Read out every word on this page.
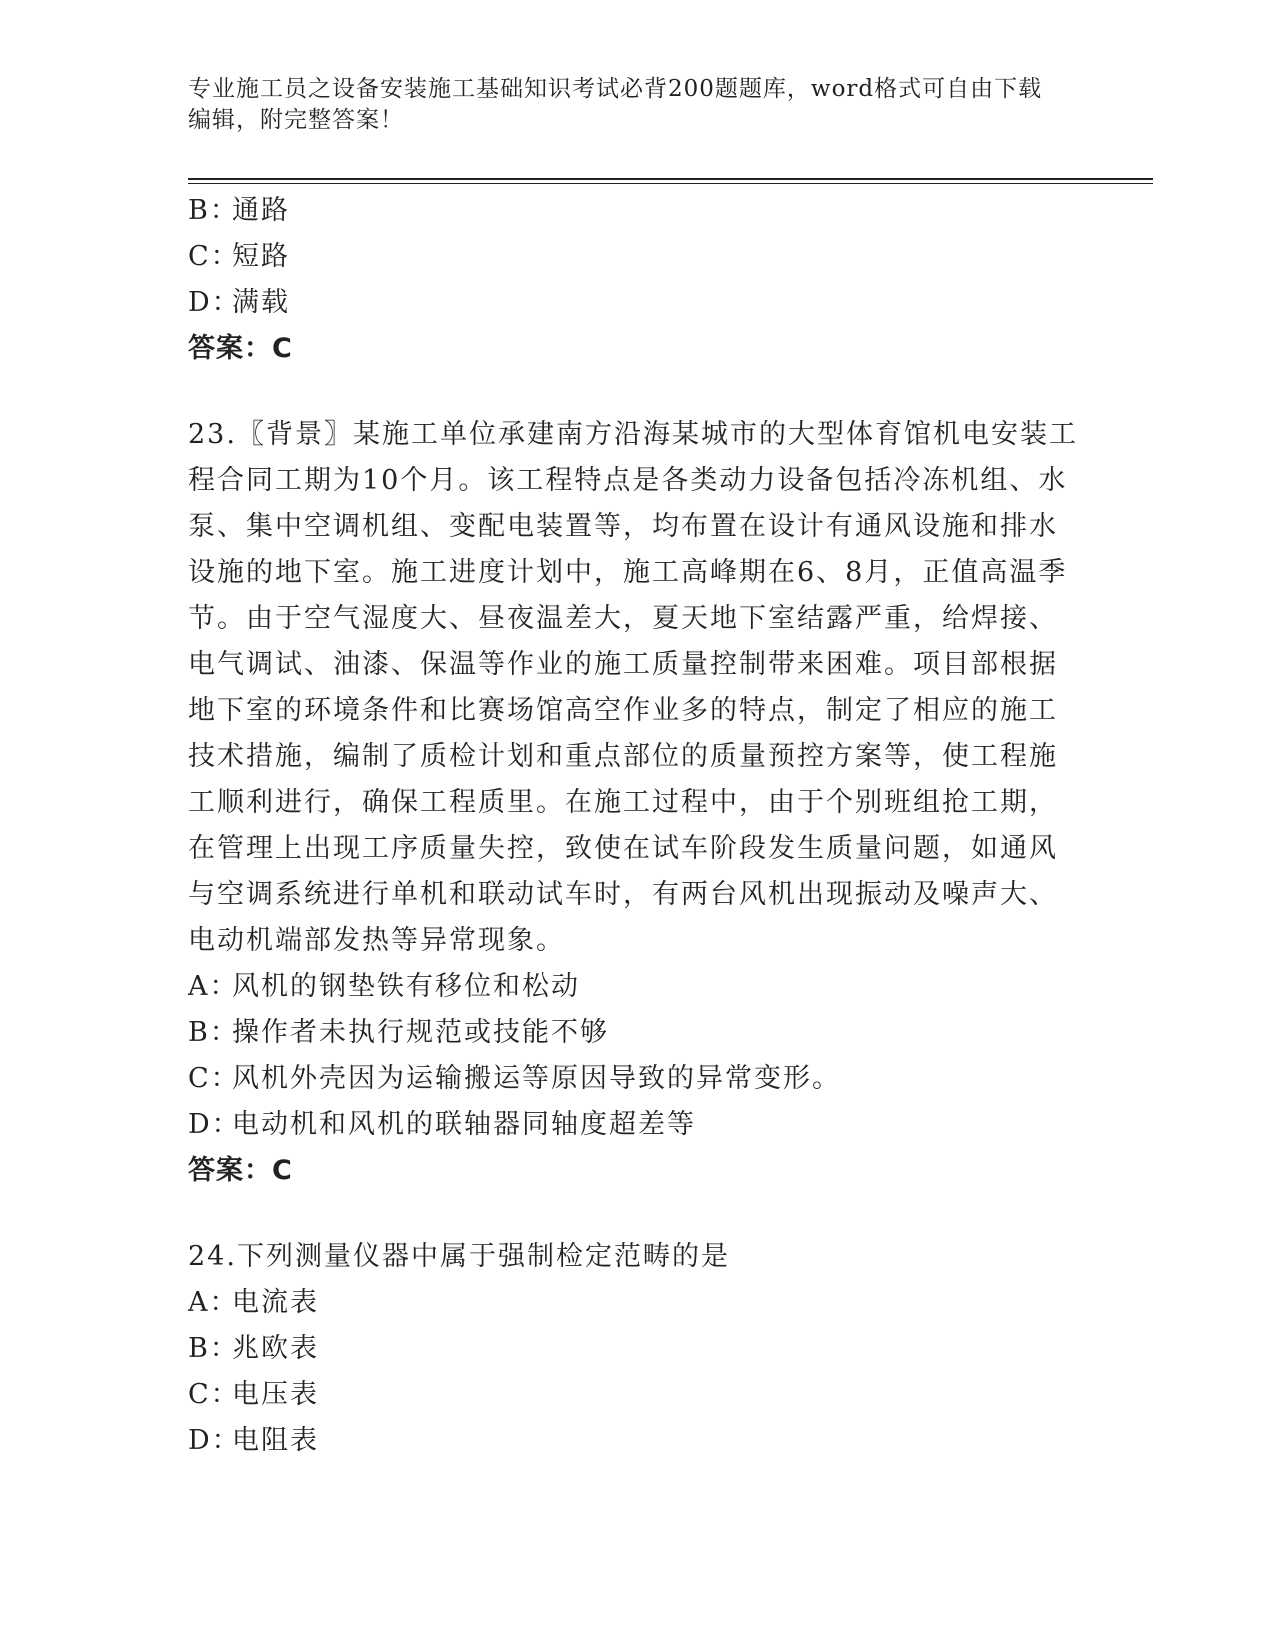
专业施工员之设备安装施工基础知识考试必背200题题库，word格式可自由下载
编辑，附完整答案！
B：通路
C：短路
D：满载
答案：C
23.〖背景〗某施工单位承建南方沿海某城市的大型体育馆机电安装工
程合同工期为10个月。该工程特点是各类动力设备包括冷冻机组、水
泵、集中空调机组、变配电装置等，均布置在设计有通风设施和排水
设施的地下室。施工进度计划中，施工高峰期在6、8月，正值高温季
节。由于空气湿度大、昼夜温差大，夏天地下室结露严重，给焊接、
电气调试、油漆、保温等作业的施工质量控制带来困难。项目部根据
地下室的环境条件和比赛场馆高空作业多的特点，制定了相应的施工
技术措施，编制了质检计划和重点部位的质量预控方案等，使工程施
工顺利进行，确保工程质里。在施工过程中，由于个别班组抢工期，
在管理上出现工序质量失控，致使在试车阶段发生质量问题，如通风
与空调系统进行单机和联动试车时，有两台风机出现振动及噪声大、
电动机端部发热等异常现象。
A：风机的钢垫铁有移位和松动
B：操作者未执行规范或技能不够
C：风机外壳因为运输搬运等原因导致的异常变形。
D：电动机和风机的联轴器同轴度超差等
答案：C
24.下列测量仪器中属于强制检定范畴的是
A：电流表
B：兆欧表
C：电压表
D：电阻表
